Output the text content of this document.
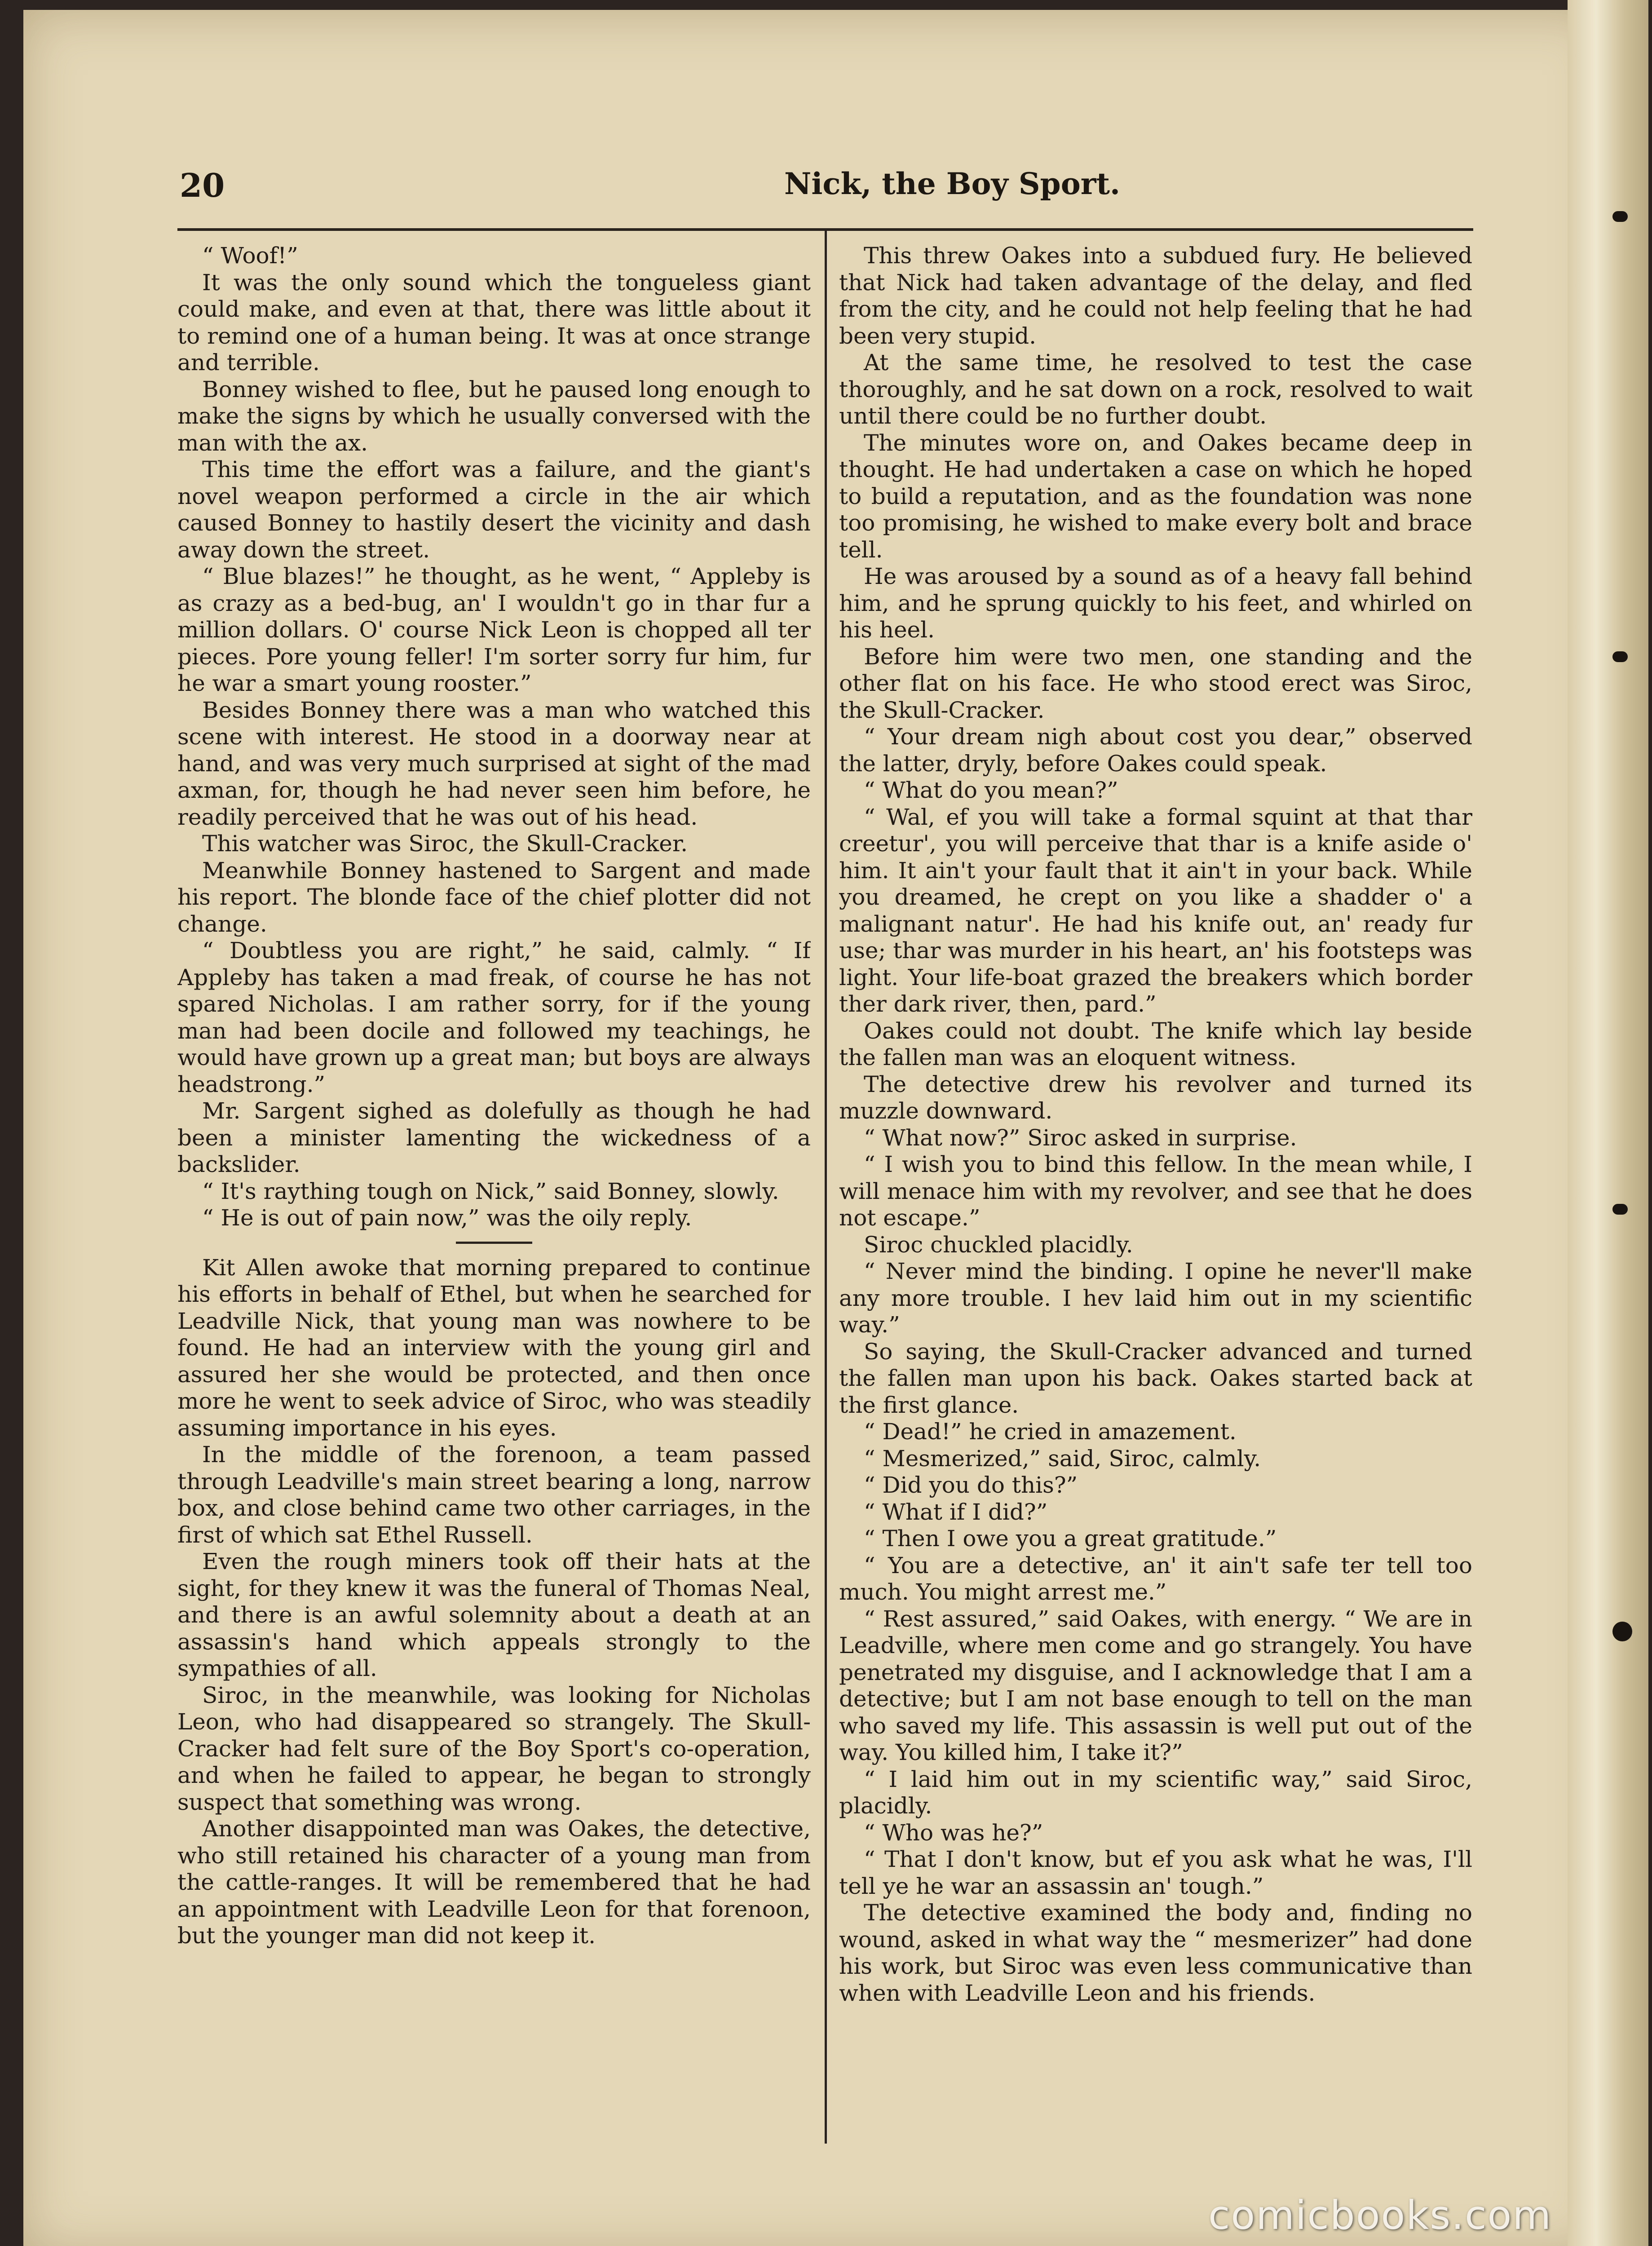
20	Nick, the Boy Sport.

“ Woof!”

It was the only sound which the tongueless giant could make, and even at that, there was little about it to remind one of a human being. It was at once strange and terrible.

Bonney wished to flee, but he paused long enough to make the signs by which he usually conversed with the man with the ax.

This time the effort was a failure, and the giant's novel weapon performed a circle in the air which caused Bonney to hastily desert the vicinity and dash away down the street.

“ Blue blazes!” he thought, as he went, “ Appleby is as crazy as a bed-bug, an' I wouldn't go in thar fur a million dollars. O' course Nick Leon is chopped all ter pieces. Pore young feller! I'm sorter sorry fur him, fur he war a smart young rooster.”

Besides Bonney there was a man who watched this scene with interest. He stood in a doorway near at hand, and was very much surprised at sight of the mad axman, for, though he had never seen him before, he readily perceived that he was out of his head.

This watcher was Siroc, the Skull-Cracker.

Meanwhile Bonney hastened to Sargent and made his report. The blonde face of the chief plotter did not change.

“ Doubtless you are right,” he said, calmly. “ If Appleby has taken a mad freak, of course he has not spared Nicholas. I am rather sorry, for if the young man had been docile and followed my teachings, he would have grown up a great man; but boys are always headstrong.”

Mr. Sargent sighed as dolefully as though he had been a minister lamenting the wickedness of a backslider.

“ It's raything tough on Nick,” said Bonney, slowly.

“ He is out of pain now,” was the oily reply.

Kit Allen awoke that morning prepared to continue his efforts in behalf of Ethel, but when he searched for Leadville Nick, that young man was nowhere to be found. He had an interview with the young girl and assured her she would be protected, and then once more he went to seek advice of Siroc, who was steadily assuming importance in his eyes.

In the middle of the forenoon, a team passed through Leadville's main street bearing a long, narrow box, and close behind came two other carriages, in the first of which sat Ethel Russell.

Even the rough miners took off their hats at the sight, for they knew it was the funeral of Thomas Neal, and there is an awful solemnity about a death at an assassin's hand which appeals strongly to the sympathies of all.

Siroc, in the meanwhile, was looking for Nicholas Leon, who had disappeared so strangely. The Skull-Cracker had felt sure of the Boy Sport's co-operation, and when he failed to appear, he began to strongly suspect that something was wrong.

Another disappointed man was Oakes, the detective, who still retained his character of a young man from the cattle-ranges. It will be remembered that he had an appointment with Leadville Leon for that forenoon, but the younger man did not keep it.

This threw Oakes into a subdued fury. He believed that Nick had taken advantage of the delay, and fled from the city, and he could not help feeling that he had been very stupid.

At the same time, he resolved to test the case thoroughly, and he sat down on a rock, resolved to wait until there could be no further doubt.

The minutes wore on, and Oakes became deep in thought. He had undertaken a case on which he hoped to build a reputation, and as the foundation was none too promising, he wished to make every bolt and brace tell.

He was aroused by a sound as of a heavy fall behind him, and he sprung quickly to his feet, and whirled on his heel.

Before him were two men, one standing and the other flat on his face. He who stood erect was Siroc, the Skull-Cracker.

“ Your dream nigh about cost you dear,” observed the latter, dryly, before Oakes could speak.

“ What do you mean?”

“ Wal, ef you will take a formal squint at that thar creetur', you will perceive that thar is a knife aside o' him. It ain't your fault that it ain't in your back. While you dreamed, he crept on you like a shadder o' a malignant natur'. He had his knife out, an' ready fur use; thar was murder in his heart, an' his footsteps was light. Your life-boat grazed the breakers which border ther dark river, then, pard.”

Oakes could not doubt. The knife which lay beside the fallen man was an eloquent witness.

The detective drew his revolver and turned its muzzle downward.

“ What now?” Siroc asked in surprise.

“ I wish you to bind this fellow. In the mean while, I will menace him with my revolver, and see that he does not escape.”

Siroc chuckled placidly.

“ Never mind the binding. I opine he never'll make any more trouble. I hev laid him out in my scientific way.”

So saying, the Skull-Cracker advanced and turned the fallen man upon his back. Oakes started back at the first glance.

“ Dead!” he cried in amazement.

“ Mesmerized,” said, Siroc, calmly.

“ Did you do this?”

“ What if I did?”

“ Then I owe you a great gratitude.”

“ You are a detective, an' it ain't safe ter tell too much. You might arrest me.”

“ Rest assured,” said Oakes, with energy. “ We are in Leadville, where men come and go strangely. You have penetrated my disguise, and I acknowledge that I am a detective; but I am not base enough to tell on the man who saved my life. This assassin is well put out of the way. You killed him, I take it?”

“ I laid him out in my scientific way,” said Siroc, placidly.

“ Who was he?”

“ That I don't know, but ef you ask what he was, I'll tell ye he war an assassin an' tough.”

The detective examined the body and, finding no wound, asked in what way the “ mesmerizer” had done his work, but Siroc was even less communicative than when with Leadville Leon and his friends.

comicbooks.com
